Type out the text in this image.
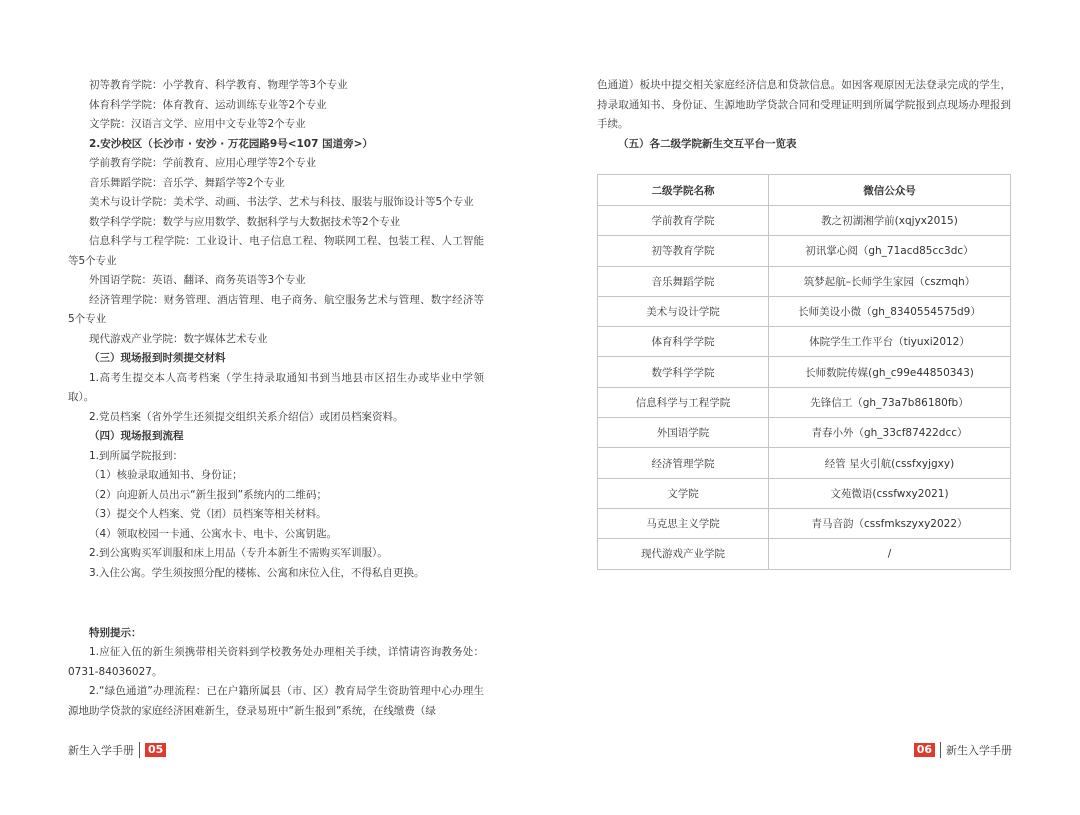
初等教育学院：小学教育、科学教育、物理学等3个专业

体育科学学院：体育教育、运动训练专业等2个专业

文学院：汉语言文学、应用中文专业等2个专业

2.安沙校区（长沙市 · 安沙 · 万花园路9号<107 国道旁>）

学前教育学院：学前教育、应用心理学等2个专业

音乐舞蹈学院：音乐学、舞蹈学等2个专业

美术与设计学院：美术学、动画、书法学、艺术与科技、服装与服饰设计等5个专业

数学科学学院：数学与应用数学、数据科学与大数据技术等2个专业

信息科学与工程学院：工业设计、电子信息工程、物联网工程、包装工程、人工智能等5个专业

外国语学院：英语、翻译、商务英语等3个专业

经济管理学院：财务管理、酒店管理、电子商务、航空服务艺术与管理、数字经济等5个专业

现代游戏产业学院：数字媒体艺术专业

（三）现场报到时须提交材料

1.高考生提交本人高考档案（学生持录取通知书到当地县市区招生办或毕业中学领取）。

2.党员档案（省外学生还须提交组织关系介绍信）或团员档案资料。

（四）现场报到流程

1.到所属学院报到：

（1）核验录取通知书、身份证；

（2）向迎新人员出示“新生报到”系统内的二维码；

（3）提交个人档案、党（团）员档案等相关材料。

（4）领取校园一卡通、公寓水卡、电卡、公寓钥匙。

2.到公寓购买军训服和床上用品（专升本新生不需购买军训服）。

3.入住公寓。学生须按照分配的楼栋、公寓和床位入住，不得私自更换。

特别提示：

1.应征入伍的新生须携带相关资料到学校教务处办理相关手续，详情请咨询教务处：0731-84036027。

2.“绿色通道”办理流程：已在户籍所属县（市、区）教育局学生资助管理中心办理生源地助学贷款的家庭经济困难新生，登录易班中“新生报到”系统，在线缴费（绿

新生入学手册 05

色通道）板块中提交相关家庭经济信息和贷款信息。如因客观原因无法登录完成的学生，持录取通知书、身份证、生源地助学贷款合同和受理证明到所属学院报到点现场办理报到手续。

（五）各二级学院新生交互平台一览表

二级学院名称	微信公众号
学前教育学院	教之初湖湘学前(xqjyx2015)
初等教育学院	初讯掌心阅（gh_71acd85cc3dc）
音乐舞蹈学院	筑梦起航–长师学生家园（cszmqh）
美术与设计学院	长师美设小微（gh_8340554575d9）
体育科学学院	体院学生工作平台（tiyuxi2012）
数学科学学院	长师数院传媒(gh_c99e44850343)
信息科学与工程学院	先锋信工（gh_73a7b86180fb）
外国语学院	青春小外（gh_33cf87422dcc）
经济管理学院	经管 星火引航(cssfxyjgxy)
文学院	文苑微语(cssfwxy2021)
马克思主义学院	青马音韵（cssfmkszyxy2022）
现代游戏产业学院	/
06 新生入学手册
